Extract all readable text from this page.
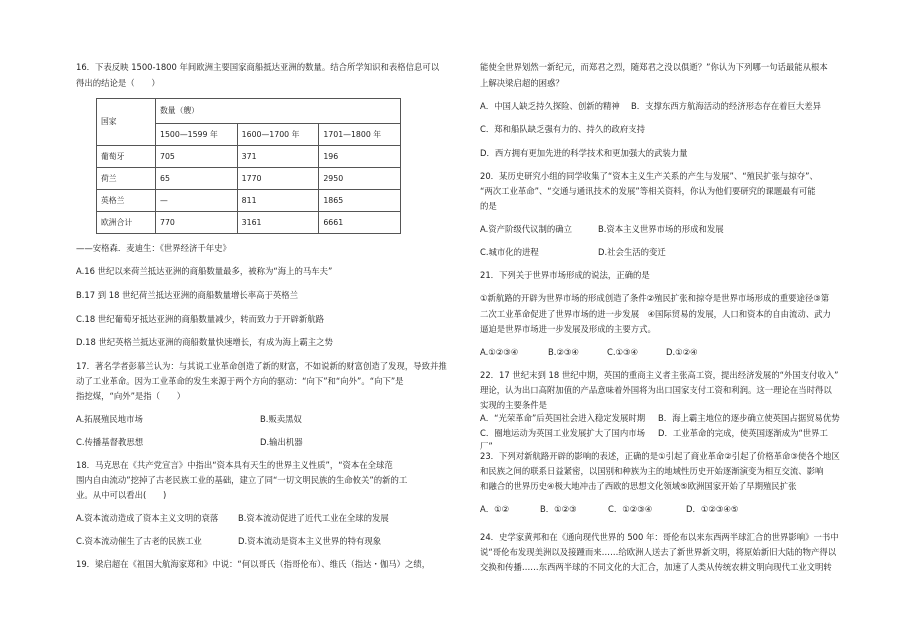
16．下表反映 1500-1800 年间欧洲主要国家商船抵达亚洲的数量。结合所学知识和表格信息可以
得出的结论是（　　）
国家	数量（艘）		
	1500—1599 年	1600—1700 年	1701—1800 年
葡萄牙	705	371	196
荷兰	65	1770	2950
英格兰	—	811	1865
欧洲合计	770	3161	6661
——安格森．麦迪生：《世界经济千年史》
A.16 世纪以来荷兰抵达亚洲的商船数量最多，被称为“海上的马车夫”
B.17 到 18 世纪荷兰抵达亚洲的商船数量增长率高于英格兰
C.18 世纪葡萄牙抵达亚洲的商船数量减少，转而致力于开辟新航路
D.18 世纪英格兰抵达亚洲的商船数量快速增长，有成为海上霸主之势
17．著名学者彭慕兰认为：与其说工业革命创造了新的财富，不如说新的财富创造了发现，导致并推
动了工业革命。因为工业革命的发生来源于两个方向的驱动：“向下”和“向外”。“向下”是
指挖煤，“向外”是指（　　）
A.拓展殖民地市场	B.贩卖黑奴
C.传播基督教思想	D.输出机器
18．马克思在《共产党宣言》中指出“资本具有天生的世界主义性质”，“资本在全球范
围内自由流动”挖掉了古老民族工业的基础，建立了同“一切文明民族的生命攸关”的新的工
业。从中可以看出(　　)
A.资本流动造成了资本主义文明的衰落 B.资本流动促进了近代工业在全球的发展
C.资本流动催生了古老的民族工业	D.资本流动是资本主义世界的特有现象
19．梁启超在《祖国大航海家郑和》中说：“何以哥氏（指哥伦布）、维氏（指达・伽马）之绩，
能使全世界划然一新纪元，而郑君之烈，随郑君之没以俱逝？”你认为下列哪一句话最能从根本
上解决梁启超的困惑？
A．中国人缺乏持久探险、创新的精神 B．支撑东西方航海活动的经济形态存在着巨大差异
C．郑和船队缺乏强有力的、持久的政府支持
D．西方拥有更加先进的科学技术和更加强大的武装力量
20．某历史研究小组的同学收集了“资本主义生产关系的产生与发展”、“殖民扩张与掠夺”、
“两次工业革命”、“交通与通讯技术的发展”等相关资料，你认为他们要研究的课题最有可能
的是
A.资产阶级代议制的确立	B.资本主义世界市场的形成和发展
C.城市化的进程	D.社会生活的变迁
21．下列关于世界市场形成的说法，正确的是
①新航路的开辟为世界市场的形成创造了条件②殖民扩张和掠夺是世界市场形成的重要途径③第
二次工业革命促进了世界市场的进一步发展　④国际贸易的发展，人口和资本的自由流动、武力
逼迫是世界市场进一步发展及形成的主要方式。
A.①②③④	B.②③④	C.①③④	D.①②④
22．17 世纪末到 18 世纪中期，英国的重商主义者主张高工资，提出经济发展的“外国支付收入”
理论，认为出口高附加值的产品意味着外国将为出口国家支付工资和利润。这一理论在当时得以
实现的主要条件是
A．“光荣革命”后英国社会进入稳定发展时期 B．海上霸主地位的逐步确立使英国占据贸易优势
C．圈地运动为英国工业发展扩大了国内市场 D．工业革命的完成，使英国逐渐成为“世界工
厂”
23．下列对新航路开辟的影响的表述，正确的是①引起了商业革命②引起了价格革命③使各个地区
和民族之间的联系日益紧密，以国别和种族为主的地域性历史开始逐渐演变为相互交流、影响
和融合的世界历史④极大地冲击了西欧的思想文化领域⑤欧洲国家开始了早期殖民扩张
A．①②	B．①②③	C．①②③④	D．①②③④⑤
24．史学家黄邦和在《通向现代世界的 500 年：哥伦布以来东西两半球汇合的世界影响》一书中
说“哥伦布发现美洲以及接踵而来……给欧洲人送去了新世界新文明，将原始新旧大陆的物产得以
交换和传播……东西两半球的不同文化的大汇合，加速了人类从传统农耕文明向现代工业文明转
